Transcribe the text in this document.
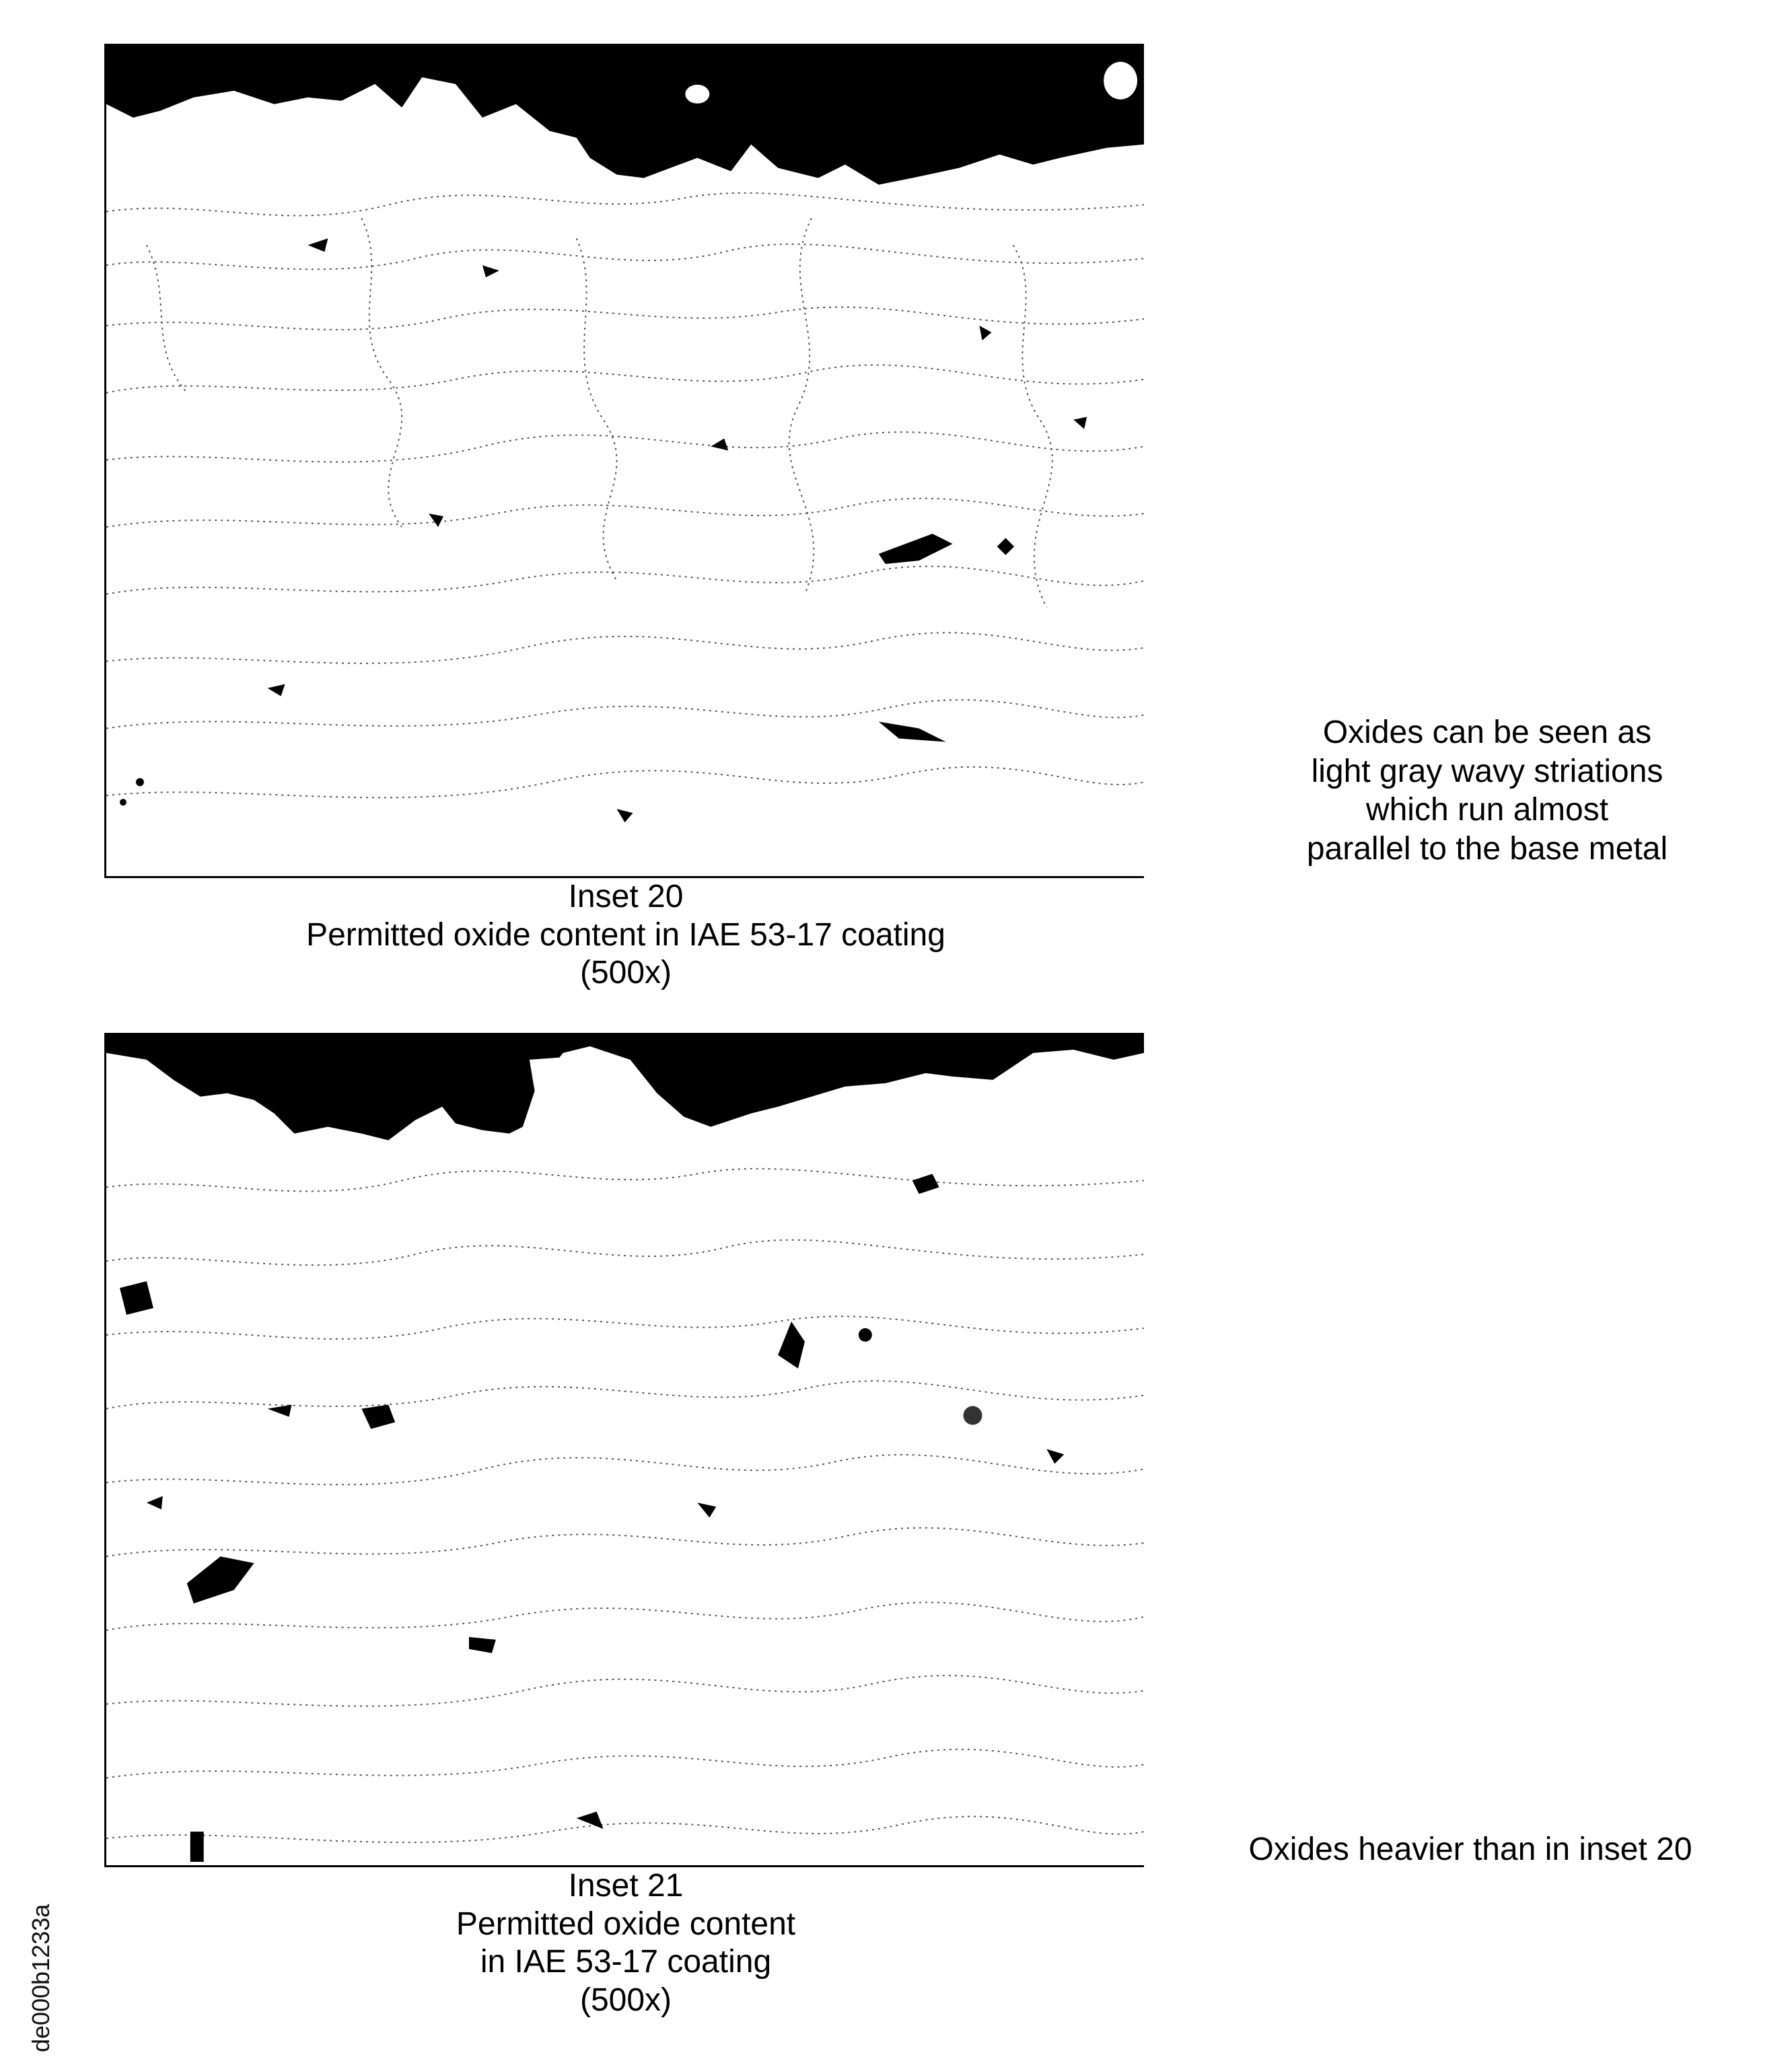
Inset 20
Permitted oxide content in IAE 53-17 coating
(500x)
Oxides can be seen as
light gray wavy striations
which run almost
parallel to the base metal
Inset 21
Permitted oxide content
in IAE 53-17 coating
(500x)
Oxides heavier than in inset 20
de000b1233a
